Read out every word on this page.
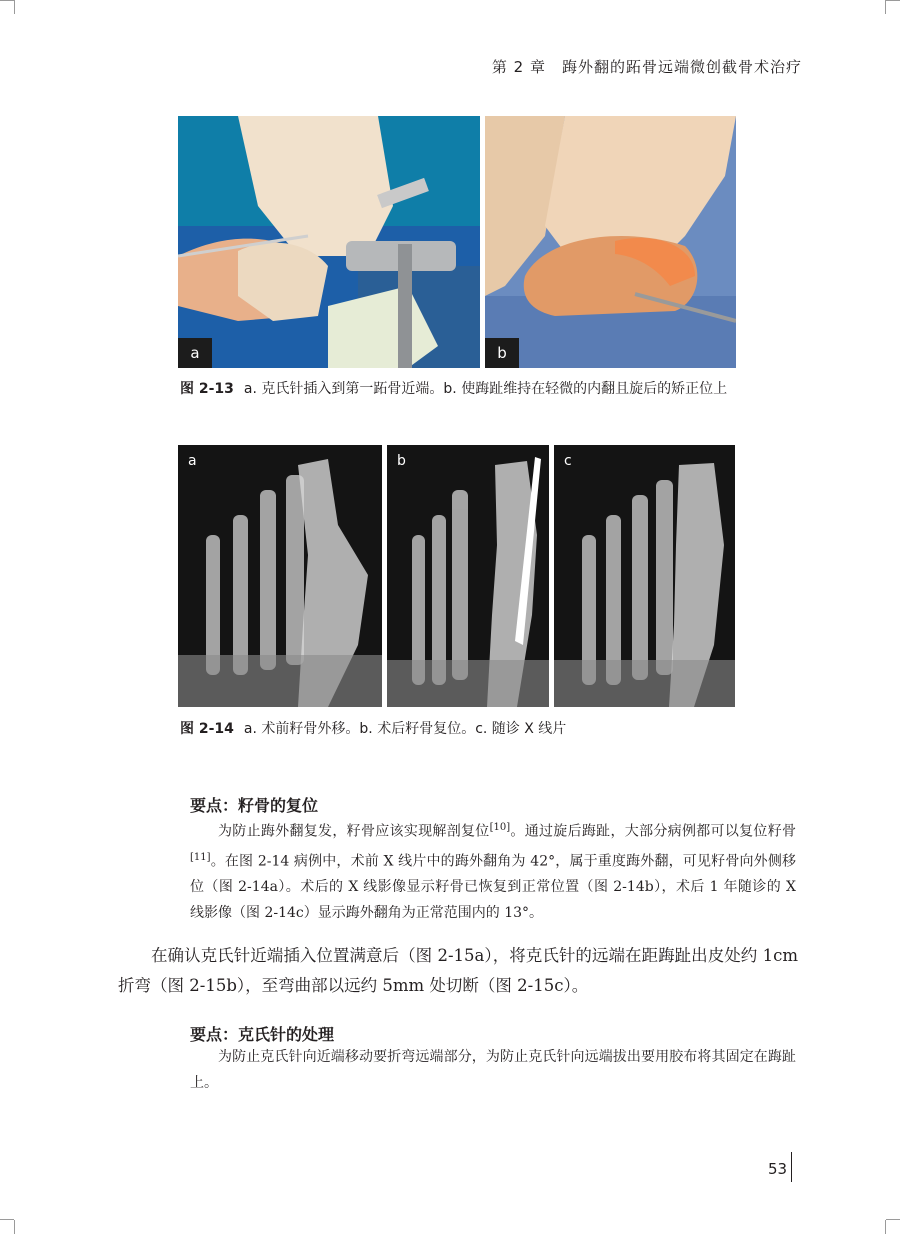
第 2 章　踇外翻的跖骨远端微创截骨术治疗
a	b
图 2-13 a. 克氏针插入到第一跖骨近端。b. 使踇趾维持在轻微的内翻且旋后的矫正位上
a	b	c
图 2-14 a. 术前籽骨外移。b. 术后籽骨复位。c. 随诊 X 线片
要点：籽骨的复位
为防止踇外翻复发，籽骨应该实现解剖复位[10]。通过旋后踇趾，大部分病例都可以复位籽骨[11]。在图 2-14 病例中，术前 X 线片中的踇外翻角为 42°，属于重度踇外翻，可见籽骨向外侧移位（图 2-14a）。术后的 X 线影像显示籽骨已恢复到正常位置（图 2-14b），术后 1 年随诊的 X 线影像（图 2-14c）显示踇外翻角为正常范围内的 13°。
在确认克氏针近端插入位置满意后（图 2-15a），将克氏针的远端在距踇趾出皮处约 1cm 折弯（图 2-15b），至弯曲部以远约 5mm 处切断（图 2-15c）。
要点：克氏针的处理
为防止克氏针向近端移动要折弯远端部分，为防止克氏针向远端拔出要用胶布将其固定在踇趾上。
53
